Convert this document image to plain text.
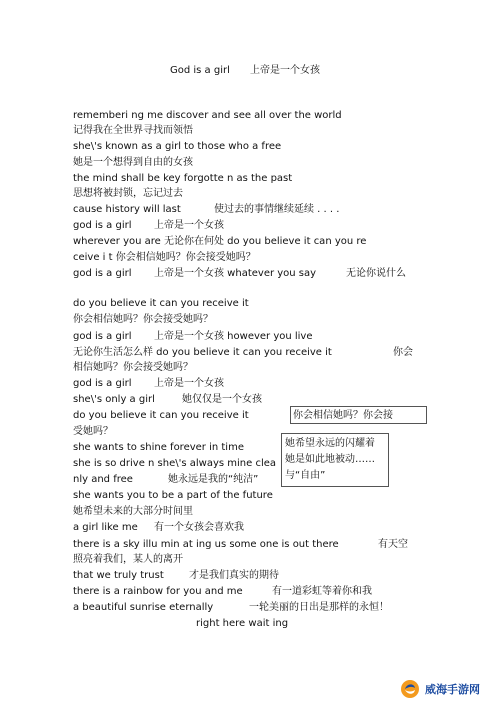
God is a girl 上帝是一个女孩
rememberi ng me discover and see all over the world
记得我在全世界寻找而领悟
she\'s known as a girl to those who a free
她是一个想得到自由的女孩
the mind shall be key forgotte n as the past
思想将被封锁，忘记过去
cause history will last	使过去的事情继续延续 . . . .
god is a girl 上帝是一个女孩
wherever you are 无论你在何处 do you believe it can you re
ceive i t 你会相信她吗？你会接受她吗？
god is a girl 上帝是一个女孩 whatever you say	无论你说什么
do you believe it can you receive it
你会相信她吗？你会接受她吗？
god is a girl 上帝是一个女孩 however you live
无论你生活怎么样 do you believe it can you receive it	你会
相信她吗？你会接受她吗？
god is a girl 上帝是一个女孩
she\'s only a girl	她仅仅是一个女孩
do you believe it can you receive it	你会相信她吗？你会接
受她吗？
she wants to shine forever in time	她希望永远的闪耀着
她是如此地被动……
与“自由”
she is so drive n she\'s always mine clea
nly and free	她永远是我的“纯洁”
she wants you to be a part of the future
她希望未来的大部分时间里
a girl like me 有一个女孩会喜欢我
there is a sky illu min at ing us some one is out there	有天空
照亮着我们，某人的离开
that we truly trust	才是我们真实的期待
there is a rainbow for you and me	有一道彩虹等着你和我
a beautiful sunrise eternally	一轮美丽的日出是那样的永恒！
right here wait ing
威海手游网
